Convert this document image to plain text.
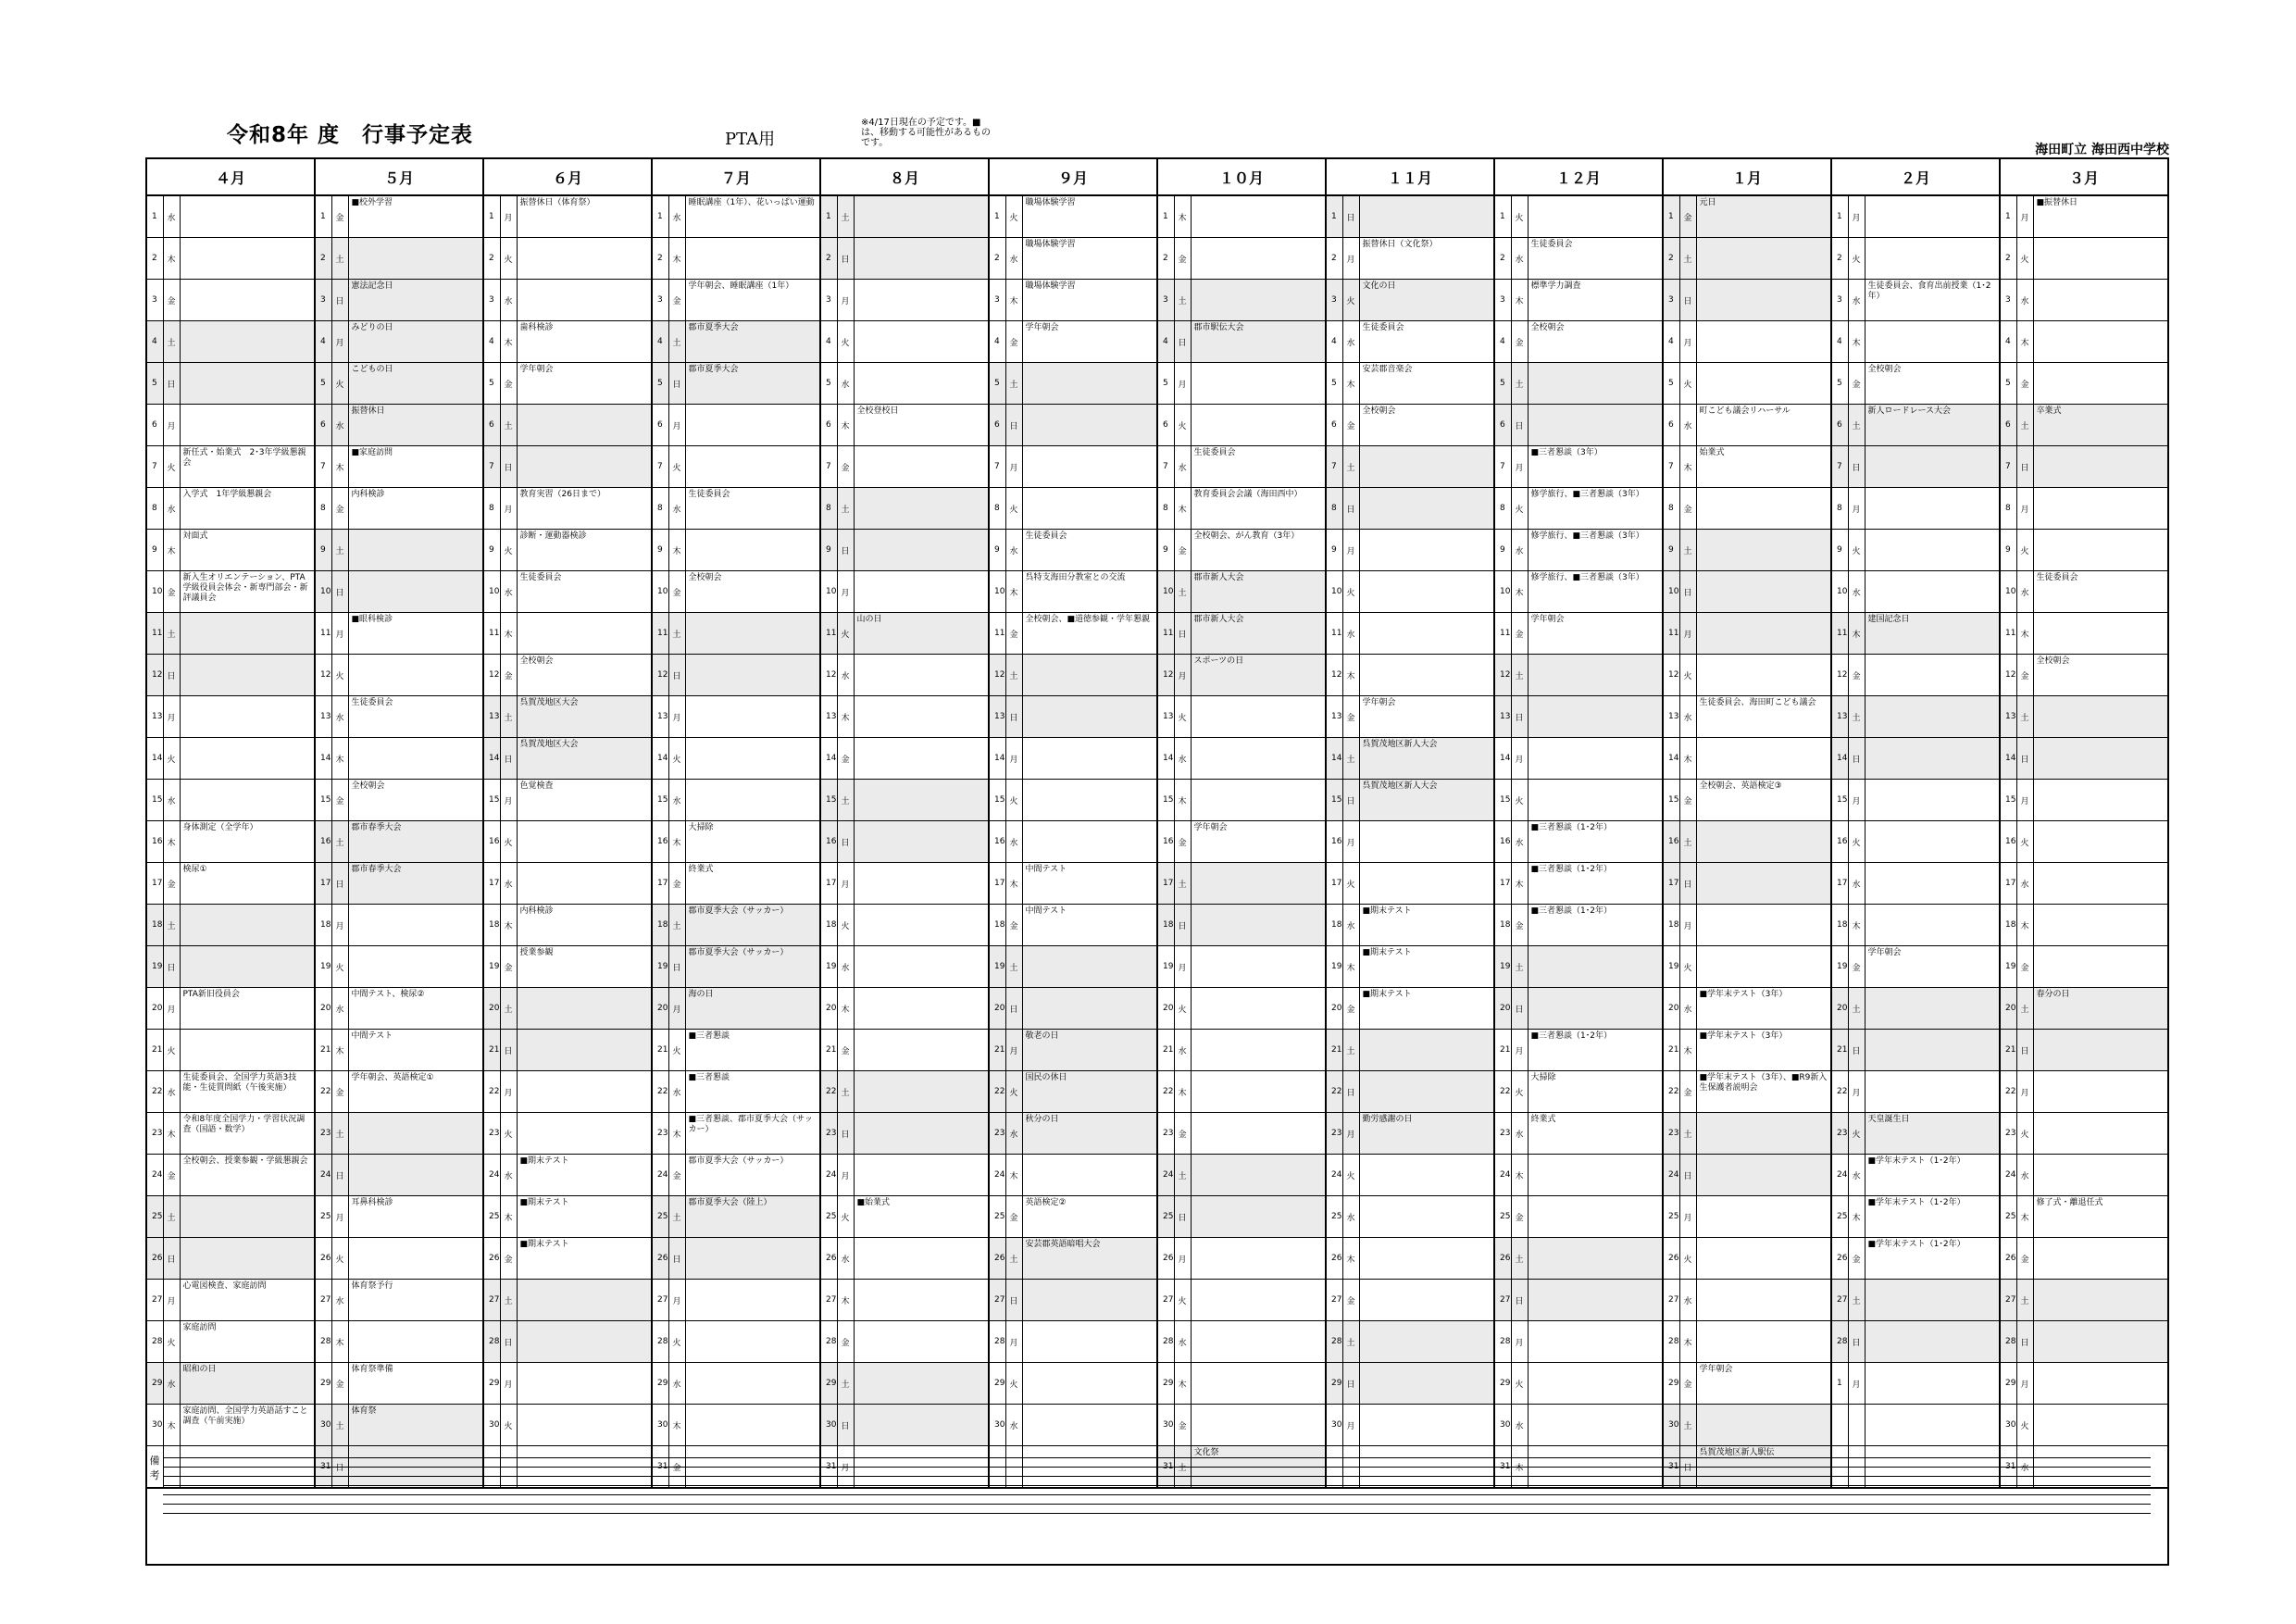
令和8年 度　行事予定表	PTA用
※4/17日現在の予定です。■は、移動する可能性があるものです。	海田町立 海田西中学校
４月			５月			６月			７月			８月			９月			１０月			１１月			１２月			１月			２月			３月		
1	水		1	金	■校外学習	1	月	振替休日（体育祭）	1	水	睡眠講座（1年）、花いっぱい運動	1	土		1	火	職場体験学習	1	木		1	日		1	火		1	金	元日	1	月		1	月	■振替休日
2	木		2	土		2	火		2	木		2	日		2	水	職場体験学習	2	金		2	月	振替休日（文化祭）	2	水	生徒委員会	2	土		2	火		2	火	
3	金		3	日	憲法記念日	3	水		3	金	学年朝会、睡眠講座（1年）	3	月		3	木	職場体験学習	3	土		3	火	文化の日	3	木	標準学力調査	3	日		3	水	生徒委員会、食育出前授業（1･2年）	3	水	
4	土		4	月	みどりの日	4	木	歯科検診	4	土	郡市夏季大会	4	火		4	金	学年朝会	4	日	郡市駅伝大会	4	水	生徒委員会	4	金	全校朝会	4	月		4	木		4	木	
5	日		5	火	こどもの日	5	金	学年朝会	5	日	郡市夏季大会	5	水		5	土		5	月		5	木	安芸郡音楽会	5	土		5	火		5	金	全校朝会	5	金	
6	月		6	水	振替休日	6	土		6	月		6	木	全校登校日	6	日		6	火		6	金	全校朝会	6	日		6	水	町こども議会リハーサル	6	土	新人ロードレース大会	6	土	卒業式
7	火	新任式・始業式　2･3年学級懇親会	7	木	■家庭訪問	7	日		7	火		7	金		7	月		7	水	生徒委員会	7	土		7	月	■三者懇談（3年）	7	木	始業式	7	日		7	日	
8	水	入学式　1年学級懇親会	8	金	内科検診	8	月	教育実習（26日まで）	8	水	生徒委員会	8	土		8	火		8	木	教育委員会会議（海田西中）	8	日		8	火	修学旅行、■三者懇談（3年）	8	金		8	月		8	月	
9	木	対面式	9	土		9	火	診断・運動器検診	9	木		9	日		9	水	生徒委員会	9	金	全校朝会、がん教育（3年）	9	月		9	水	修学旅行、■三者懇談（3年）	9	土		9	火		9	火	
10	金	新入生オリエンテーション、PTA学級役員会体会・新専門部会・新評議員会	10	日		10	水	生徒委員会	10	金	全校朝会	10	月		10	木	呉特支海田分教室との交流	10	土	郡市新人大会	10	火		10	木	修学旅行、■三者懇談（3年）	10	日		10	水		10	水	生徒委員会
11	土		11	月	■眼科検診	11	木		11	土		11	火	山の日	11	金	全校朝会、■道徳参観・学年懇親	11	日	郡市新人大会	11	水		11	金	学年朝会	11	月		11	木	建国記念日	11	木	
12	日		12	火		12	金	全校朝会	12	日		12	水		12	土		12	月	スポーツの日	12	木		12	土		12	火		12	金		12	金	全校朝会
13	月		13	水	生徒委員会	13	土	呉賀茂地区大会	13	月		13	木		13	日		13	火		13	金	学年朝会	13	日		13	水	生徒委員会、海田町こども議会	13	土		13	土	
14	火		14	木		14	日	呉賀茂地区大会	14	火		14	金		14	月		14	水		14	土	呉賀茂地区新人大会	14	月		14	木		14	日		14	日	
15	水		15	金	全校朝会	15	月	色覚検査	15	水		15	土		15	火		15	木		15	日	呉賀茂地区新人大会	15	火		15	金	全校朝会、英語検定③	15	月		15	月	
16	木	身体測定（全学年）	16	土	郡市春季大会	16	火		16	木	大掃除	16	日		16	水		16	金	学年朝会	16	月		16	水	■三者懇談（1･2年）	16	土		16	火		16	火	
17	金	検尿①	17	日	郡市春季大会	17	水		17	金	終業式	17	月		17	木	中間テスト	17	土		17	火		17	木	■三者懇談（1･2年）	17	日		17	水		17	水	
18	土		18	月		18	木	内科検診	18	土	郡市夏季大会（サッカー）	18	火		18	金	中間テスト	18	日		18	水	■期末テスト	18	金	■三者懇談（1･2年）	18	月		18	木		18	木	
19	日		19	火		19	金	授業参観	19	日	郡市夏季大会（サッカー）	19	水		19	土		19	月		19	木	■期末テスト	19	土		19	火		19	金	学年朝会	19	金	
20	月	PTA新旧役員会	20	水	中間テスト、検尿②	20	土		20	月	海の日	20	木		20	日		20	火		20	金	■期末テスト	20	日		20	水	■学年末テスト（3年）	20	土		20	土	春分の日
21	火		21	木	中間テスト	21	日		21	火	■三者懇談	21	金		21	月	敬老の日	21	水		21	土		21	月	■三者懇談（1･2年）	21	木	■学年末テスト（3年）	21	日		21	日	
22	水	生徒委員会、全国学力英語3技能・生徒質問紙（午後実施）	22	金	学年朝会、英語検定①	22	月		22	水	■三者懇談	22	土		22	火	国民の休日	22	木		22	日		22	火	大掃除	22	金	■学年末テスト（3年）、■R9新入生保護者説明会	22	月		22	月	
23	木	令和8年度全国学力・学習状況調査（国語・数学）	23	土		23	火		23	木	■三者懇談、郡市夏季大会（サッカー）	23	日		23	水	秋分の日	23	金		23	月	勤労感謝の日	23	水	終業式	23	土		23	火	天皇誕生日	23	火	
24	金	全校朝会、授業参観・学級懇親会	24	日		24	水	■期末テスト	24	金	郡市夏季大会（サッカー）	24	月		24	木		24	土		24	火		24	木		24	日		24	水	■学年末テスト（1･2年）	24	水	
25	土		25	月	耳鼻科検診	25	木	■期末テスト	25	土	郡市夏季大会（陸上）	25	火	■始業式	25	金	英語検定②	25	日		25	水		25	金		25	月		25	木	■学年末テスト（1･2年）	25	木	修了式・離退任式
26	日		26	火		26	金	■期末テスト	26	日		26	水		26	土	安芸郡英語暗唱大会	26	月		26	木		26	土		26	火		26	金	■学年末テスト（1･2年）	26	金	
27	月	心電図検査、家庭訪問	27	水	体育祭予行	27	土		27	月		27	木		27	日		27	火		27	金		27	日		27	水		27	土		27	土	
28	火	家庭訪問	28	木		28	日		28	火		28	金		28	月		28	水		28	土		28	月		28	木		28	日		28	日	
29	水	昭和の日	29	金	体育祭準備	29	月		29	水		29	土		29	火		29	木		29	日		29	火		29	金	学年朝会	1	月		29	月	
30	木	家庭訪問、全国学力英語話すこと調査（午前実施）	30	土	体育祭	30	火		30	木		30	日		30	水		30	金		30	月		30	水		30	土					30	火	
			31	日					31	金		31	月					31	土	文化祭				31	木		31	日	呉賀茂地区新人駅伝				31	水	

備考
